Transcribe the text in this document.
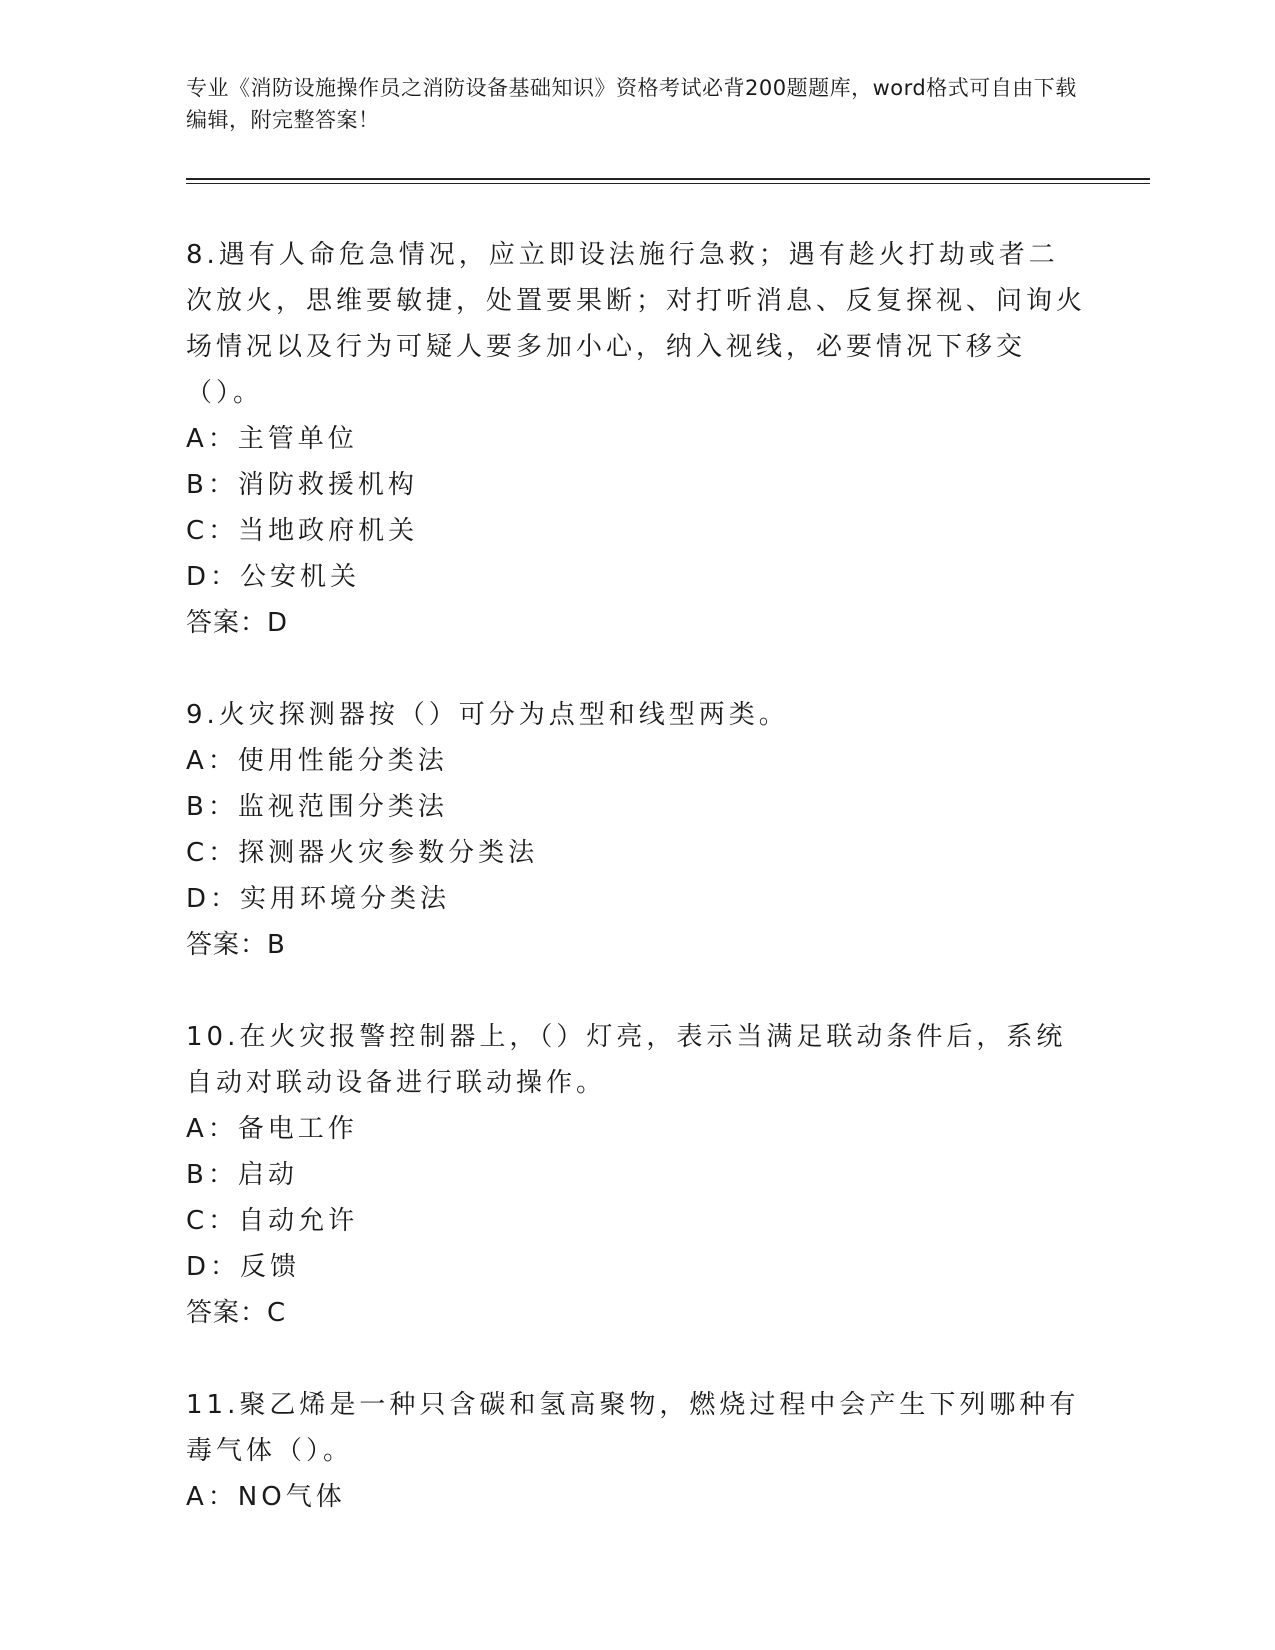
专业《消防设施操作员之消防设备基础知识》资格考试必背200题题库，word格式可自由下载编辑，附完整答案！
8.遇有人命危急情况，应立即设法施行急救；遇有趁火打劫或者二次放火，思维要敏捷，处置要果断；对打听消息、反复探视、问询火场情况以及行为可疑人要多加小心，纳入视线，必要情况下移交（）。
A：主管单位
B：消防救援机构
C：当地政府机关
D：公安机关
答案：D
9.火灾探测器按（）可分为点型和线型两类。
A：使用性能分类法
B：监视范围分类法
C：探测器火灾参数分类法
D：实用环境分类法
答案：B
10.在火灾报警控制器上，（）灯亮，表示当满足联动条件后，系统自动对联动设备进行联动操作。
A：备电工作
B：启动
C：自动允许
D：反馈
答案：C
11.聚乙烯是一种只含碳和氢高聚物，燃烧过程中会产生下列哪种有毒气体（）。
A：NO气体
